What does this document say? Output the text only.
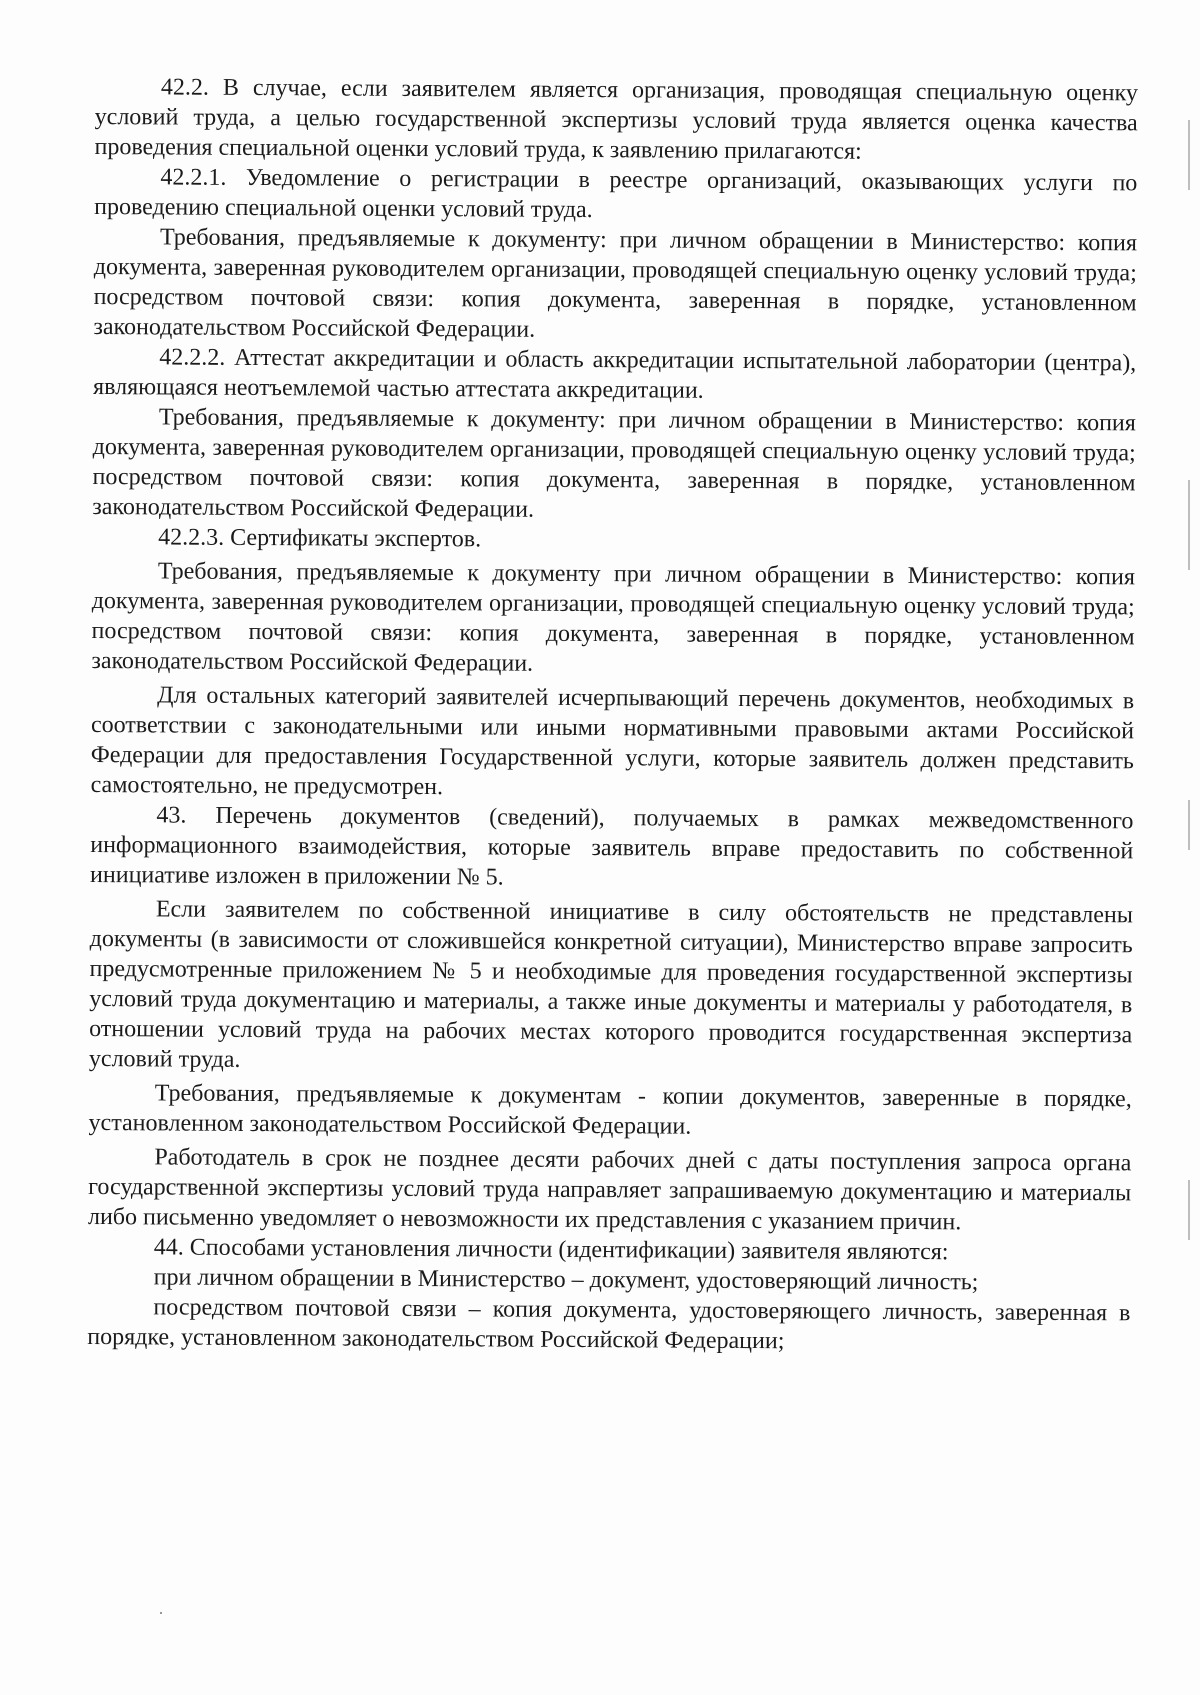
42.2. В случае, если заявителем является организация, проводящая специальную оценку условий труда, а целью государственной экспертизы условий труда является оценка качества проведения специальной оценки условий труда, к заявлению прилагаются:

42.2.1. Уведомление о регистрации в реестре организаций, оказывающих услуги по проведению специальной оценки условий труда.

Требования, предъявляемые к документу: при личном обращении в Министерство: копия документа, заверенная руководителем организации, проводящей специальную оценку условий труда; посредством почтовой связи: копия документа, заверенная в порядке, установленном законодательством Российской Федерации.

42.2.2. Аттестат аккредитации и область аккредитации испытательной лаборатории (центра), являющаяся неотъемлемой частью аттестата аккредитации.

Требования, предъявляемые к документу: при личном обращении в Министерство: копия документа, заверенная руководителем организации, проводящей специальную оценку условий труда; посредством почтовой связи: копия документа, заверенная в порядке, установленном законодательством Российской Федерации.

42.2.3. Сертификаты экспертов.

Требования, предъявляемые к документу при личном обращении в Министерство: копия документа, заверенная руководителем организации, проводящей специальную оценку условий труда; посредством почтовой связи: копия документа, заверенная в порядке, установленном законодательством Российской Федерации.

Для остальных категорий заявителей исчерпывающий перечень документов, необходимых в соответствии с законодательными или иными нормативными правовыми актами Российской Федерации для предоставления Государственной услуги, которые заявитель должен представить самостоятельно, не предусмотрен.

43. Перечень документов (сведений), получаемых в рамках межведомственного информационного взаимодействия, которые заявитель вправе предоставить по собственной инициативе изложен в приложении № 5.

Если заявителем по собственной инициативе в силу обстоятельств не представлены документы (в зависимости от сложившейся конкретной ситуации), Министерство вправе запросить предусмотренные приложением № 5 и необходимые для проведения государственной экспертизы условий труда документацию и материалы, а также иные документы и материалы у работодателя, в отношении условий труда на рабочих местах которого проводится государственная экспертиза условий труда.

Требования, предъявляемые к документам - копии документов, заверенные в порядке, установленном законодательством Российской Федерации.

Работодатель в срок не позднее десяти рабочих дней с даты поступления запроса органа государственной экспертизы условий труда направляет запрашиваемую документацию и материалы либо письменно уведомляет о невозможности их представления с указанием причин.

44. Способами установления личности (идентификации) заявителя являются:

при личном обращении в Министерство – документ, удостоверяющий личность;

посредством почтовой связи – копия документа, удостоверяющего личность, заверенная в порядке, установленном законодательством Российской Федерации;
